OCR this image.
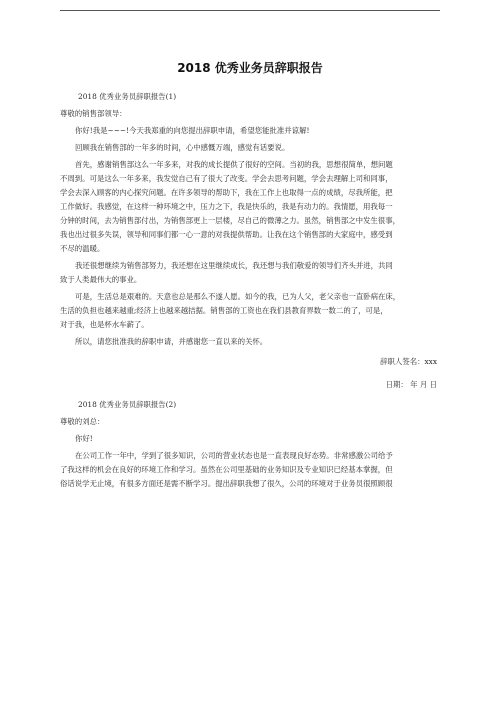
2018 优秀业务员辞职报告

2018 优秀业务员辞职报告(1)

尊敬的销售部领导：

你好!我是~~~!今天我郑重的向您提出辞职申请，希望您能批准并谅解!

回顾我在销售部的一年多的时间，心中感慨万端，感觉有话要说。

首先，感谢销售部这么一年多来，对我的成长提供了很好的空间。当初的我，思想很简单，想问题

不周到。可是这么一年多来，我发觉自己有了很大了改变。学会去思考问题，学会去理解上司和同事，

学会去深入顾客的内心探究问题。在许多领导的帮助下，我在工作上也取得一点的成绩，尽我所能，把

工作做好。我感觉，在这样一种环境之中，压力之下，我是快乐的，我是有动力的。我情愿，用我每一

分钟的时间，去为销售部付出，为销售部更上一层楼，尽自己的微薄之力。虽然，销售部之中发生很事，

我也出过很多失误，领导和同事们都一心一意的对我提供帮助。让我在这个销售部的大家庭中，感受到

不尽的温暖。

我还很想继续为销售部努力，我还想在这里继续成长，我还想与我们敬爱的领导们齐头并进，共同

致于人类最伟大的事业。

可是，生活总是艰难的。天意也总是那么不遂人愿。如今的我，已为人父，老父亲也一直卧病在床，

生活的负担也越来越重;经济上也越来越拮据。销售部的工资也在我们县教育界数一数二的了，可是，

对于我，也是杯水车薪了。

所以，请您批准我的辞职申请，并感谢您一直以来的关怀。

辞职人签名：xxx

日期： 年 月 日

2018 优秀业务员辞职报告(2)

尊敬的刘总：

你好!

在公司工作一年中，学到了很多知识，公司的营业状态也是一直表现良好态势。非常感激公司给予

了我这样的机会在良好的环境工作和学习。虽然在公司里基础的业务知识及专业知识已经基本掌握，但

俗话说学无止境，有很多方面还是需不断学习。提出辞职我想了很久，公司的环境对于业务员很照顾很
